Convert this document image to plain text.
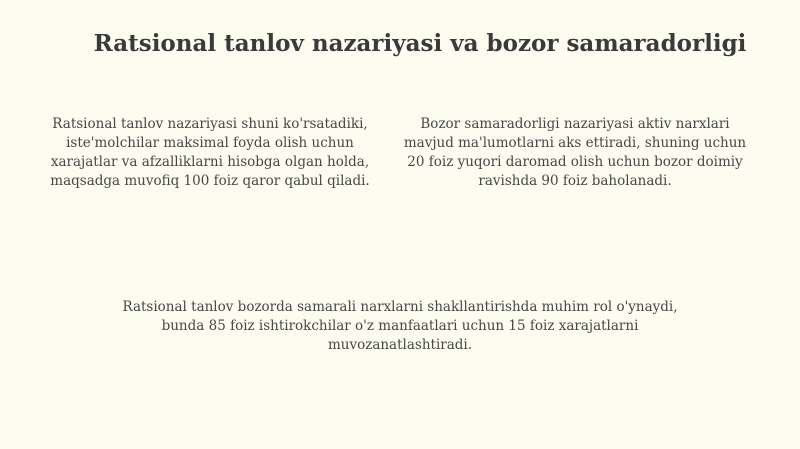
Ratsional tanlov nazariyasi va bozor samaradorligi

Ratsional tanlov nazariyasi shuni ko'rsatadiki, iste'molchilar maksimal foyda olish uchun xarajatlar va afzalliklarni hisobga olgan holda, maqsadga muvofiq 100 foiz qaror qabul qiladi.

Bozor samaradorligi nazariyasi aktiv narxlari mavjud ma'lumotlarni aks ettiradi, shuning uchun 20 foiz yuqori daromad olish uchun bozor doimiy ravishda 90 foiz baholanadi.

Ratsional tanlov bozorda samarali narxlarni shakllantirishda muhim rol o'ynaydi, bunda 85 foiz ishtirokchilar o'z manfaatlari uchun 15 foiz xarajatlarni muvozanatlashtiradi.
